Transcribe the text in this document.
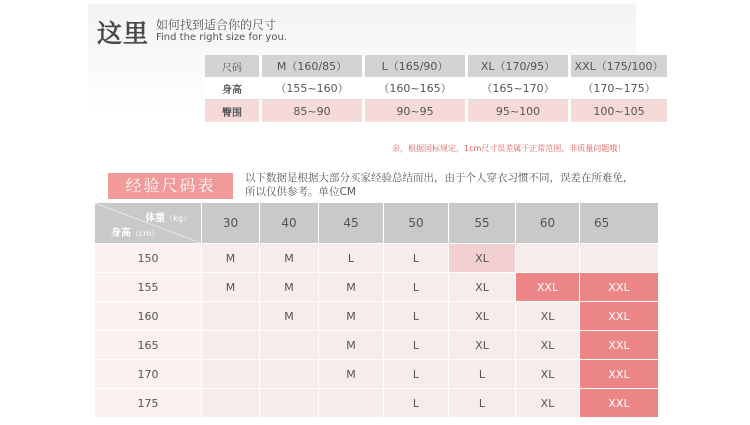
这里 如何找到适合你的尺寸
Find the right size for you.
尺码	M（160/85）	L（165/90）	XL（170/95）	XXL（175/100）
身高	（155~160）	（160~165）	（165~170）	（170~175）
臀围	85~90	90~95	95~100	100~105
亲，根据国标规定，1cm尺寸误差属于正常范围，非质量问题哦！
经验尺码表	以下数据是根据大部分买家经验总结而出，由于个人穿衣习惯不同，误差在所难免，
所以仅供参考。单位CM
体重（kg）
身高（cm）	30	40	45	50	55	60	65
150	M	M	L	L	XL		
155	M	M	M	L	XL	XXL	XXL
160		M	M	L	XL	XL	XXL
165			M	L	XL	XL	XXL
170			M	L	L	XL	XXL
175				L	L	XL	XXL
